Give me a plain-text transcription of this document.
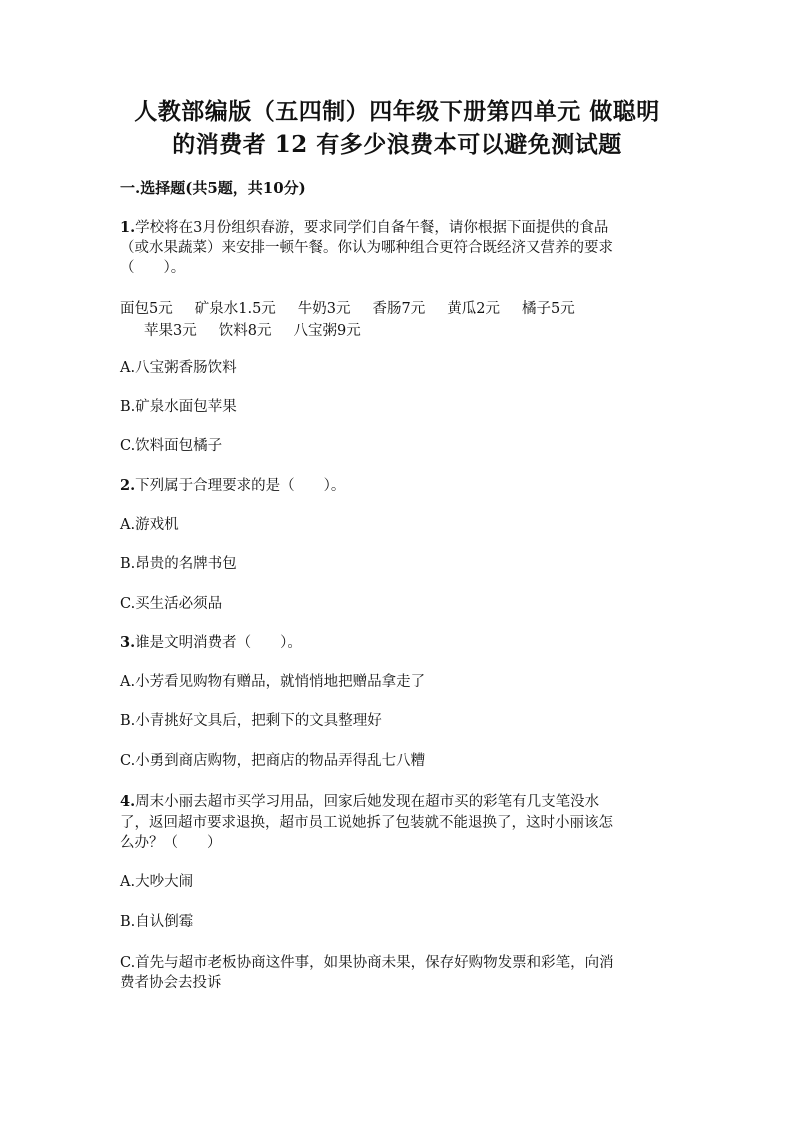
人教部编版（五四制）四年级下册第四单元 做聪明
的消费者 12 有多少浪费本可以避免测试题
一.选择题(共5题，共10分)
1.学校将在3月份组织春游，要求同学们自备午餐，请你根据下面提供的食品
（或水果蔬菜）来安排一顿午餐。你认为哪种组合更符合既经济又营养的要求
（　　）。
面包5元 矿泉水1.5元 牛奶3元 香肠7元 黄瓜2元 橘子5元
苹果3元 饮料8元 八宝粥9元
A.八宝粥香肠饮料
B.矿泉水面包苹果
C.饮料面包橘子
2.下列属于合理要求的是（　　）。
A.游戏机
B.昂贵的名牌书包
C.买生活必须品
3.谁是文明消费者（　　）。
A.小芳看见购物有赠品，就悄悄地把赠品拿走了
B.小青挑好文具后，把剩下的文具整理好
C.小勇到商店购物，把商店的物品弄得乱七八糟
4.周末小丽去超市买学习用品，回家后她发现在超市买的彩笔有几支笔没水
了，返回超市要求退换，超市员工说她拆了包装就不能退换了，这时小丽该怎
么办？（　　）
A.大吵大闹
B.自认倒霉
C.首先与超市老板协商这件事，如果协商未果，保存好购物发票和彩笔，向消
费者协会去投诉
